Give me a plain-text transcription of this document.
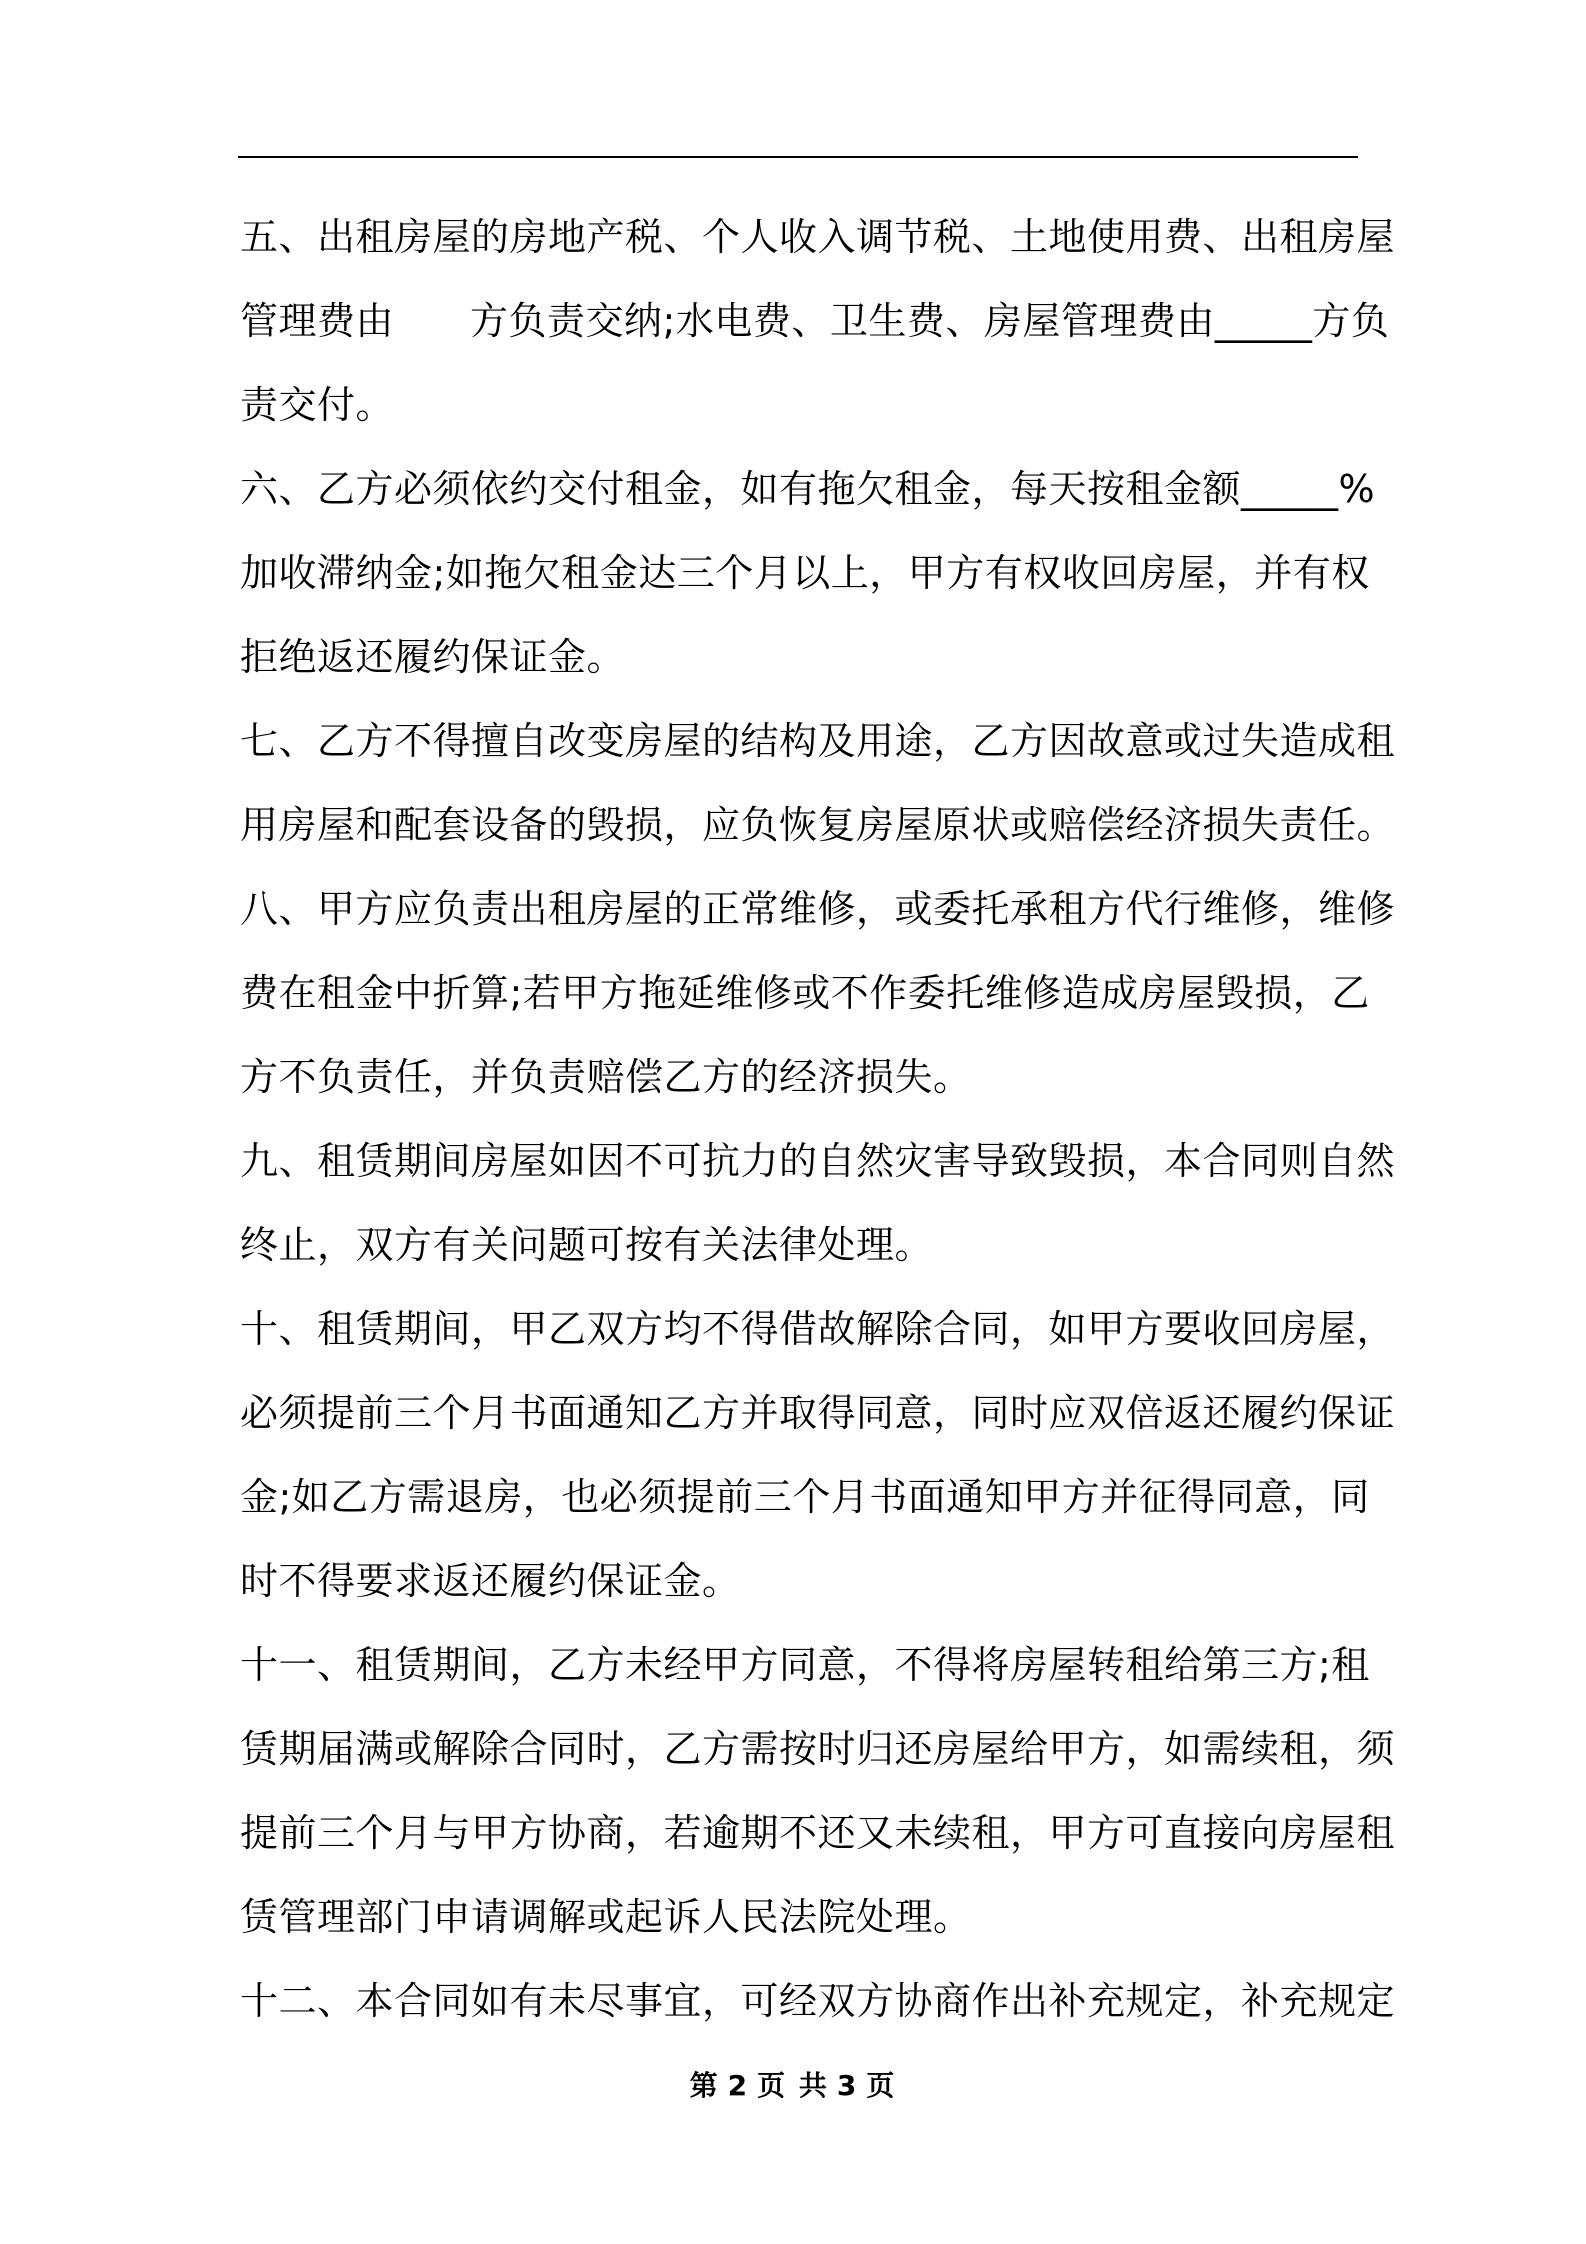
五、出租房屋的房地产税、个人收入调节税、土地使用费、出租房屋
管理费由 方负责交纳;水电费、卫生费、房屋管理费由_____方负
责交付。
六、乙方必须依约交付租金，如有拖欠租金，每天按租金额_____%
加收滞纳金;如拖欠租金达三个月以上，甲方有权收回房屋，并有权
拒绝返还履约保证金。
七、乙方不得擅自改变房屋的结构及用途，乙方因故意或过失造成租
用房屋和配套设备的毁损，应负恢复房屋原状或赔偿经济损失责任。
八、甲方应负责出租房屋的正常维修，或委托承租方代行维修，维修
费在租金中折算;若甲方拖延维修或不作委托维修造成房屋毁损，乙
方不负责任，并负责赔偿乙方的经济损失。
九、租赁期间房屋如因不可抗力的自然灾害导致毁损，本合同则自然
终止，双方有关问题可按有关法律处理。
十、租赁期间，甲乙双方均不得借故解除合同，如甲方要收回房屋，
必须提前三个月书面通知乙方并取得同意，同时应双倍返还履约保证
金;如乙方需退房，也必须提前三个月书面通知甲方并征得同意，同
时不得要求返还履约保证金。
十一、租赁期间，乙方未经甲方同意，不得将房屋转租给第三方;租
赁期届满或解除合同时，乙方需按时归还房屋给甲方，如需续租，须
提前三个月与甲方协商，若逾期不还又未续租，甲方可直接向房屋租
赁管理部门申请调解或起诉人民法院处理。
十二、本合同如有未尽事宜，可经双方协商作出补充规定，补充规定
第 2 页 共 3 页
